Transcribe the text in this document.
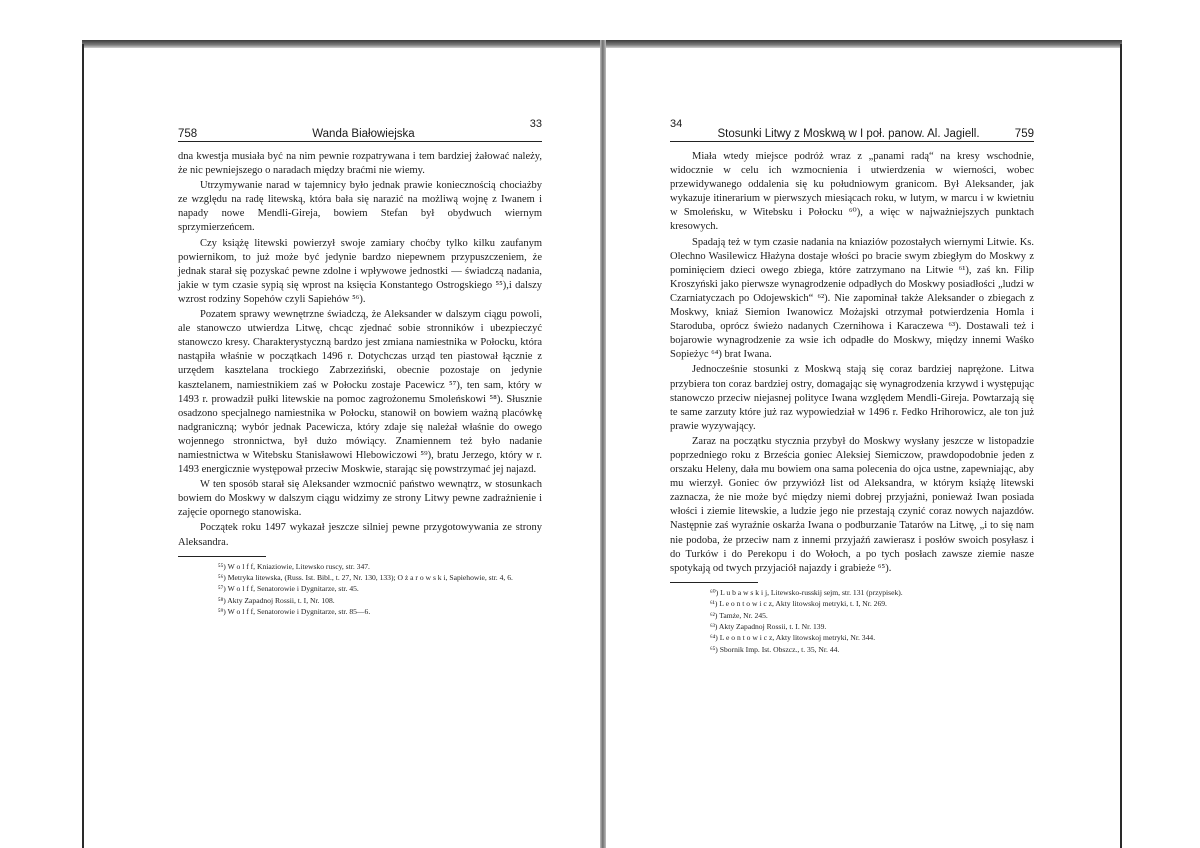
758	Wanda Białowiejska
33

dna kwestja musiała być na nim pewnie rozpatrywana i tem bardziej żałować należy, że nic pewniejszego o naradach między braćmi nie wiemy.

Utrzymywanie narad w tajemnicy było jednak prawie koniecznością chociażby ze względu na radę litewską, która bała się narazić na możliwą wojnę z Iwanem i napady nowe Mendli-Gireja, bowiem Stefan był obydwuch wiernym sprzymierzeńcem.

Czy książę litewski powierzył swoje zamiary choćby tylko kilku zaufanym powiernikom, to już może być jedynie bardzo niepewnem przypuszczeniem, że jednak starał się pozyskać pewne zdolne i wpływowe jednostki — świadczą nadania, jakie w tym czasie sypią się wprost na księcia Konstantego Ostrogskiego ⁵⁵),i dalszy wzrost rodziny Sopehów czyli Sapiehów ⁵⁶).

Pozatem sprawy wewnętrzne świadczą, że Aleksander w dalszym ciągu powoli, ale stanowczo utwierdza Litwę, chcąc zjednać sobie stronników i ubezpieczyć stanowczo kresy. Charakterystyczną bardzo jest zmiana namiestnika w Połocku, która nastąpiła właśnie w początkach 1496 r. Dotychczas urząd ten piastował łącznie z urzędem kasztelana trockiego Zabrzeziński, obecnie pozostaje on jedynie kasztelanem, namiestnikiem zaś w Połocku zostaje Pacewicz ⁵⁷), ten sam, który w 1493 r. prowadził pułki litewskie na pomoc zagrożonemu Smoleńskowi ⁵⁸). Słusznie osadzono specjalnego namiestnika w Połocku, stanowił on bowiem ważną placówkę nadgraniczną; wybór jednak Pacewicza, który zdaje się należał właśnie do owego wojennego stronnictwa, był dużo mówiący. Znamiennem też było nadanie namiestnictwa w Witebsku Stanisławowi Hlebowiczowi ⁵⁹), bratu Jerzego, który w r. 1493 energicznie występował przeciw Moskwie, starając się powstrzymać jej najazd.

W ten sposób starał się Aleksander wzmocnić państwo wewnątrz, w stosunkach bowiem do Moskwy w dalszym ciągu widzimy ze strony Litwy pewne zadrażnienie i zajęcie opornego stanowiska.

Początek roku 1497 wykazał jeszcze silniej pewne przygotowywania ze strony Aleksandra.

⁵⁵) W o l f f, Kniaziowie, Litewsko ruscy, str. 347.
⁵⁶) Metryka litewska, (Russ. Ist. Bibl., t. 27, Nr. 130, 133); O ż a r o w s k i, Sapiehowie, str. 4, 6.
⁵⁷) W o l f f, Senatorowie i Dygnitarze, str. 45.
⁵⁸) Akty Zapadnoj Rossii, t. I, Nr. 108.
⁵⁹) W o l f f, Senatorowie i Dygnitarze, str. 85—6.
34
Stosunki Litwy z Moskwą w I poł. panow. Al. Jagiell.	759

Miała wtedy miejsce podróż wraz z „panami radą“ na kresy wschodnie, widocznie w celu ich wzmocnienia i utwierdzenia w wierności, wobec przewidywanego oddalenia się ku południowym granicom. Był Aleksander, jak wykazuje itinerarium w pierwszych miesiącach roku, w lutym, w marcu i w kwietniu w Smoleńsku, w Witebsku i Połocku ⁶⁰), a więc w najważniejszych punktach kresowych.

Spadają też w tym czasie nadania na kniaziów pozostałych wiernymi Litwie. Ks. Olechno Wasilewicz Hłażyna dostaje włości po bracie swym zbiegłym do Moskwy z pominięciem dzieci owego zbiega, które zatrzymano na Litwie ⁶¹), zaś kn. Filip Kroszyński jako pierwsze wynagrodzenie odpadłych do Moskwy posiadłości „ludzi w Czarniatyczach po Odojewskich“ ⁶²). Nie zapominał także Aleksander o zbiegach z Moskwy, kniaź Siemion Iwanowicz Możajski otrzymał potwierdzenia Homla i Staroduba, oprócz świeżo nadanych Czernihowa i Karaczewa ⁶³). Dostawali też i bojarowie wynagrodzenie za wsie ich odpadłe do Moskwy, między innemi Waśko Sopieżyc ⁶⁴) brat Iwana.

Jednocześnie stosunki z Moskwą stają się coraz bardziej naprężone. Litwa przybiera ton coraz bardziej ostry, domagając się wynagrodzenia krzywd i występując stanowczo przeciw niejasnej polityce Iwana względem Mendli-Gireja. Powtarzają się te same zarzuty które już raz wypowiedział w 1496 r. Fedko Hrihorowicz, ale ton już prawie wyzywający.

Zaraz na początku stycznia przybył do Moskwy wysłany jeszcze w listopadzie poprzedniego roku z Brześcia goniec Aleksiej Siemiczow, prawdopodobnie jeden z orszaku Heleny, dała mu bowiem ona sama polecenia do ojca ustne, zapewniając, aby mu wierzył. Goniec ów przywiózł list od Aleksandra, w którym książę litewski zaznacza, że nie może być między niemi dobrej przyjaźni, ponieważ Iwan posiada włości i ziemie litewskie, a ludzie jego nie przestają czynić coraz nowych najazdów. Następnie zaś wyraźnie oskarża Iwana o podburzanie Tatarów na Litwę, „i to się nam nie podoba, że przeciw nam z innemi przyjaźń zawierasz i posłów swoich posyłasz i do Turków i do Perekopu i do Wołoch, a po tych posłach zawsze ziemie nasze spotykają od twych przyjaciół najazdy i grabieże ⁶⁵).

⁶⁰) L u b a w s k i j, Litewsko-russkij sejm, str. 131 (przypisek).
⁶¹) L e o n t o w i c z, Akty litowskoj metryki, t. I, Nr. 269.
⁶²) Tamże, Nr. 245.
⁶³) Akty Zapadnoj Rossii, t. I. Nr. 139.
⁶⁴) L e o n t o w i c z, Akty litowskoj metryki, Nr. 344.
⁶⁵) Sbornik Imp. Ist. Obszcz., t. 35, Nr. 44.
